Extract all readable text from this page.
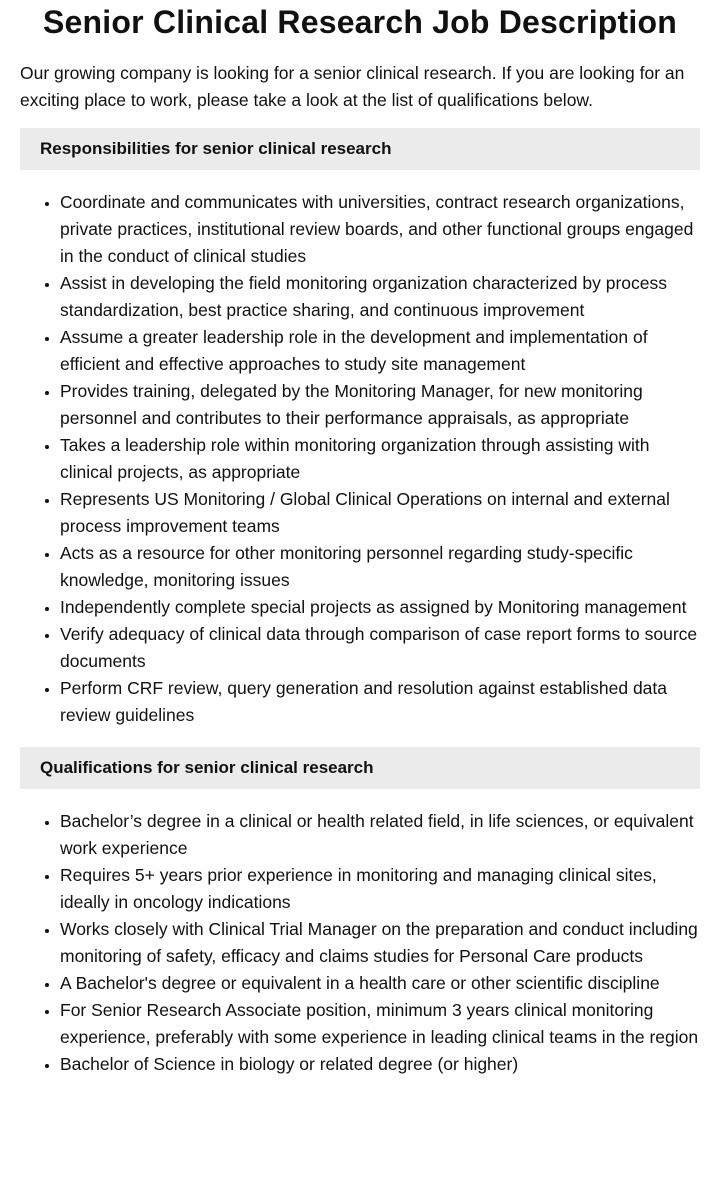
Senior Clinical Research Job Description

Our growing company is looking for a senior clinical research. If you are looking for an exciting place to work, please take a look at the list of qualifications below.

Responsibilities for senior clinical research
• Coordinate and communicates with universities, contract research organizations, private practices, institutional review boards, and other functional groups engaged in the conduct of clinical studies
• Assist in developing the field monitoring organization characterized by process standardization, best practice sharing, and continuous improvement
• Assume a greater leadership role in the development and implementation of efficient and effective approaches to study site management
• Provides training, delegated by the Monitoring Manager, for new monitoring personnel and contributes to their performance appraisals, as appropriate
• Takes a leadership role within monitoring organization through assisting with clinical projects, as appropriate
• Represents US Monitoring / Global Clinical Operations on internal and external process improvement teams
• Acts as a resource for other monitoring personnel regarding study-specific knowledge, monitoring issues
• Independently complete special projects as assigned by Monitoring management
• Verify adequacy of clinical data through comparison of case report forms to source documents
• Perform CRF review, query generation and resolution against established data review guidelines
Qualifications for senior clinical research
• Bachelor’s degree in a clinical or health related field, in life sciences, or equivalent work experience
• Requires 5+ years prior experience in monitoring and managing clinical sites, ideally in oncology indications
• Works closely with Clinical Trial Manager on the preparation and conduct including monitoring of safety, efficacy and claims studies for Personal Care products
• A Bachelor's degree or equivalent in a health care or other scientific discipline
• For Senior Research Associate position, minimum 3 years clinical monitoring experience, preferably with some experience in leading clinical teams in the region
• Bachelor of Science in biology or related degree (or higher)
